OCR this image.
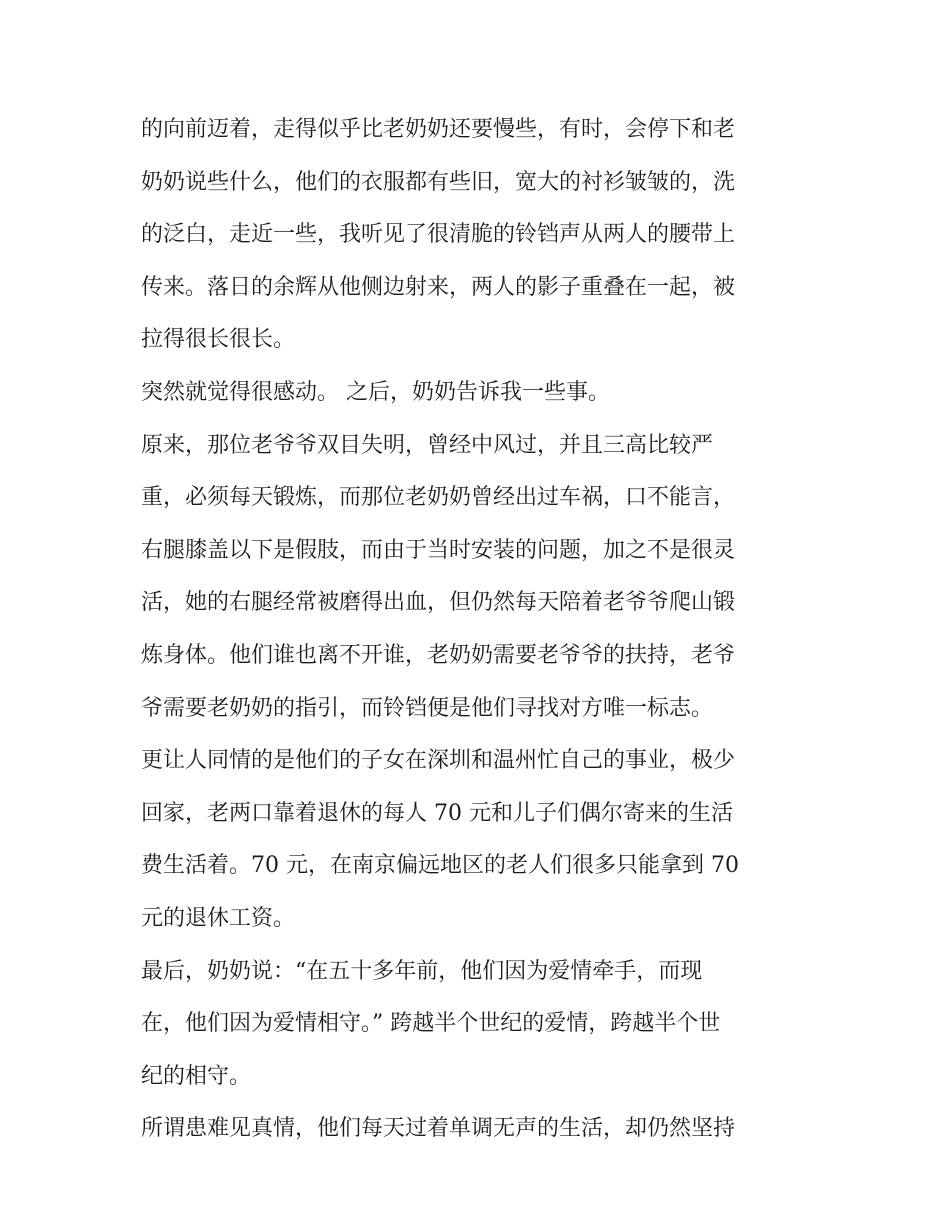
的向前迈着，走得似乎比老奶奶还要慢些，有时，会停下和老
奶奶说些什么，他们的衣服都有些旧，宽大的衬衫皱皱的，洗
的泛白，走近一些，我听见了很清脆的铃铛声从两人的腰带上
传来。落日的余辉从他侧边射来，两人的影子重叠在一起，被
拉得很长很长。
突然就觉得很感动。 之后，奶奶告诉我一些事。
原来，那位老爷爷双目失明，曾经中风过，并且三高比较严
重，必须每天锻炼，而那位老奶奶曾经出过车祸，口不能言，
右腿膝盖以下是假肢，而由于当时安装的问题，加之不是很灵
活，她的右腿经常被磨得出血，但仍然每天陪着老爷爷爬山锻
炼身体。他们谁也离不开谁，老奶奶需要老爷爷的扶持，老爷
爷需要老奶奶的指引，而铃铛便是他们寻找对方唯一标志。
更让人同情的是他们的子女在深圳和温州忙自己的事业，极少
回家，老两口靠着退休的每人 70 元和儿子们偶尔寄来的生活
费生活着。70 元，在南京偏远地区的老人们很多只能拿到 70
元的退休工资。
最后，奶奶说：“在五十多年前，他们因为爱情牵手，而现
在，他们因为爱情相守。” 跨越半个世纪的爱情，跨越半个世
纪的相守。
所谓患难见真情，他们每天过着单调无声的生活，却仍然坚持
